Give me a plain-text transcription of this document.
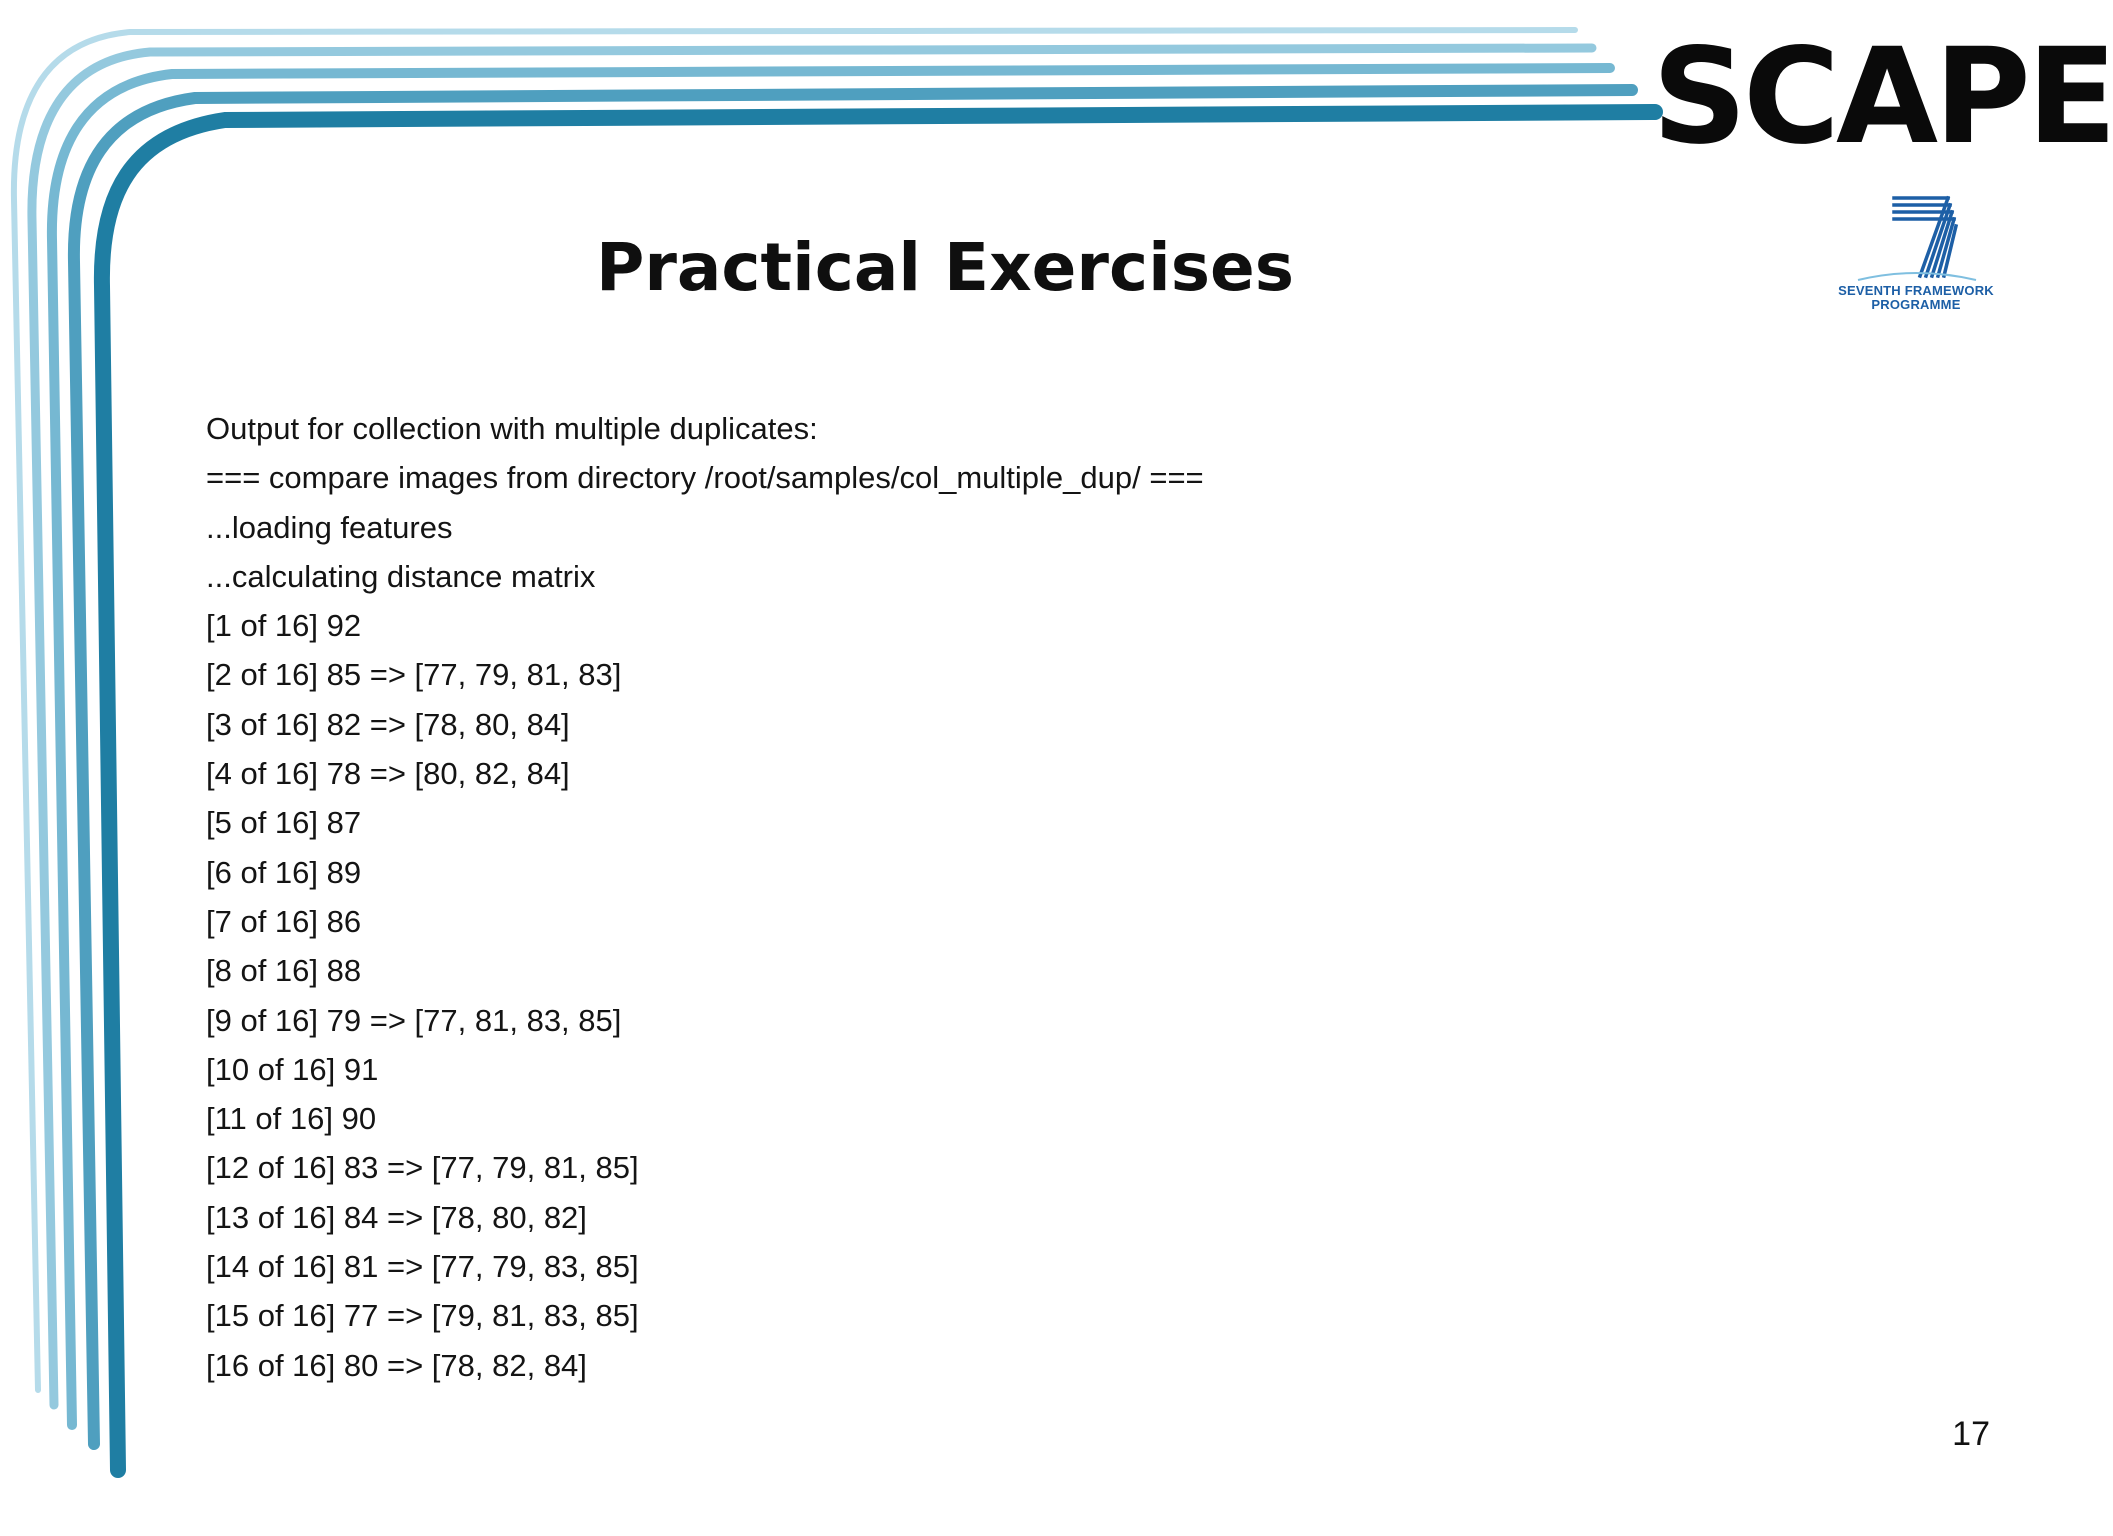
SCAPE
SEVENTH FRAMEWORK
PROGRAMME
Practical Exercises
Output for collection with multiple duplicates:
=== compare images from directory /root/samples/col_multiple_dup/ ===
...loading features
...calculating distance matrix
[1 of 16] 92
[2 of 16] 85 => [77, 79, 81, 83]
[3 of 16] 82 => [78, 80, 84]
[4 of 16] 78 => [80, 82, 84]
[5 of 16] 87
[6 of 16] 89
[7 of 16] 86
[8 of 16] 88
[9 of 16] 79 => [77, 81, 83, 85]
[10 of 16] 91
[11 of 16] 90
[12 of 16] 83 => [77, 79, 81, 85]
[13 of 16] 84 => [78, 80, 82]
[14 of 16] 81 => [77, 79, 83, 85]
[15 of 16] 77 => [79, 81, 83, 85]
[16 of 16] 80 => [78, 82, 84]
17
